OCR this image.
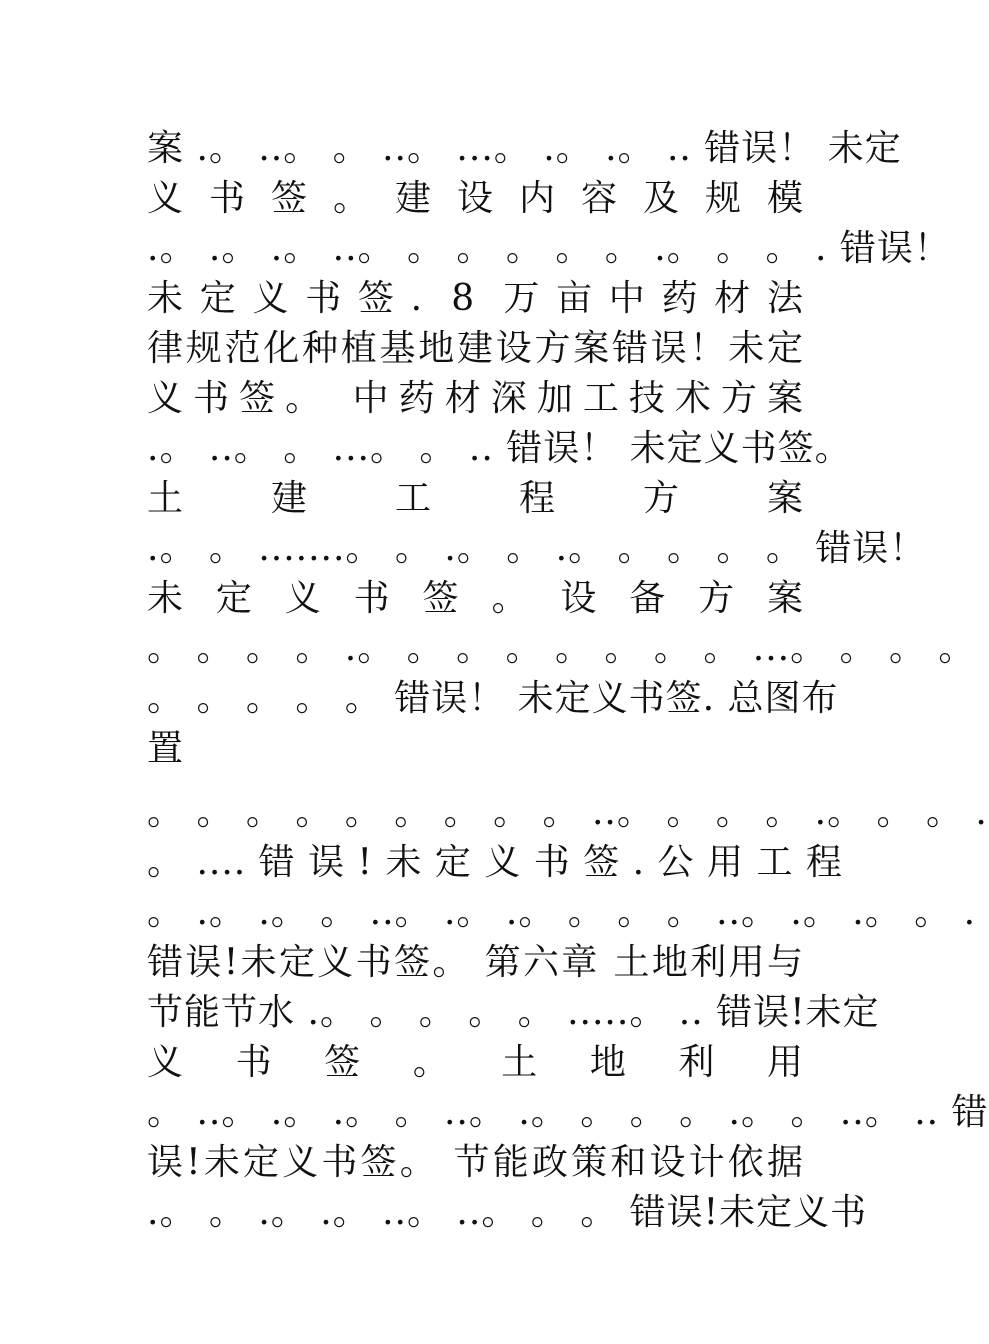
案 .。 ..。 。 ..。 ...。 .。 .。 .. 错误！ 未定
义 书 签 。 建 设 内 容 及 规 模
.。 .。 .。 ..。 。 。 。 。 。 .。 。 。 . 错误！
未定义书签. 8 万亩中药材法
律规范化种植基地建设方案错误！未定
义书签。 中药材深加工技术方案
.。 ..。 。 ...。 。 .. 错误！ 未定义书签。
土 建 工 程 方 案
.。 。 .......。 。 .。 。 .。 。 。 。 。 错误！
未 定 义 书 签 。 设 备 方 案
。 。 。 。 .。 。 。 。 。 。 。 。 ...。 。 。 。
。 。 。 。 。 错误！ 未定义书签. 总图布
置
。 。 。 。 。 。 。 。 。 ..。 。 。 。 .。 。 。 .
。 .... 错 误 ! 未 定 义 书 签 . 公 用 工 程
。 .。 .。 。 ..。 .。 .。 。 。 。 ..。 .。 .。 。 .
错误!未定义书签。 第六章 土地利用与
节能节水 .。 。 。 。 。 .....。 .. 错误!未定
义 书 签 。 土 地 利 用
。 ..。 .。 .。 。 ..。 .。 。 。 。 .。 。 ..。 .. 错
误!未定义书签。 节能政策和设计依据
.。 。 .。 .。 ..。 ..。 。 。 错误!未定义书
